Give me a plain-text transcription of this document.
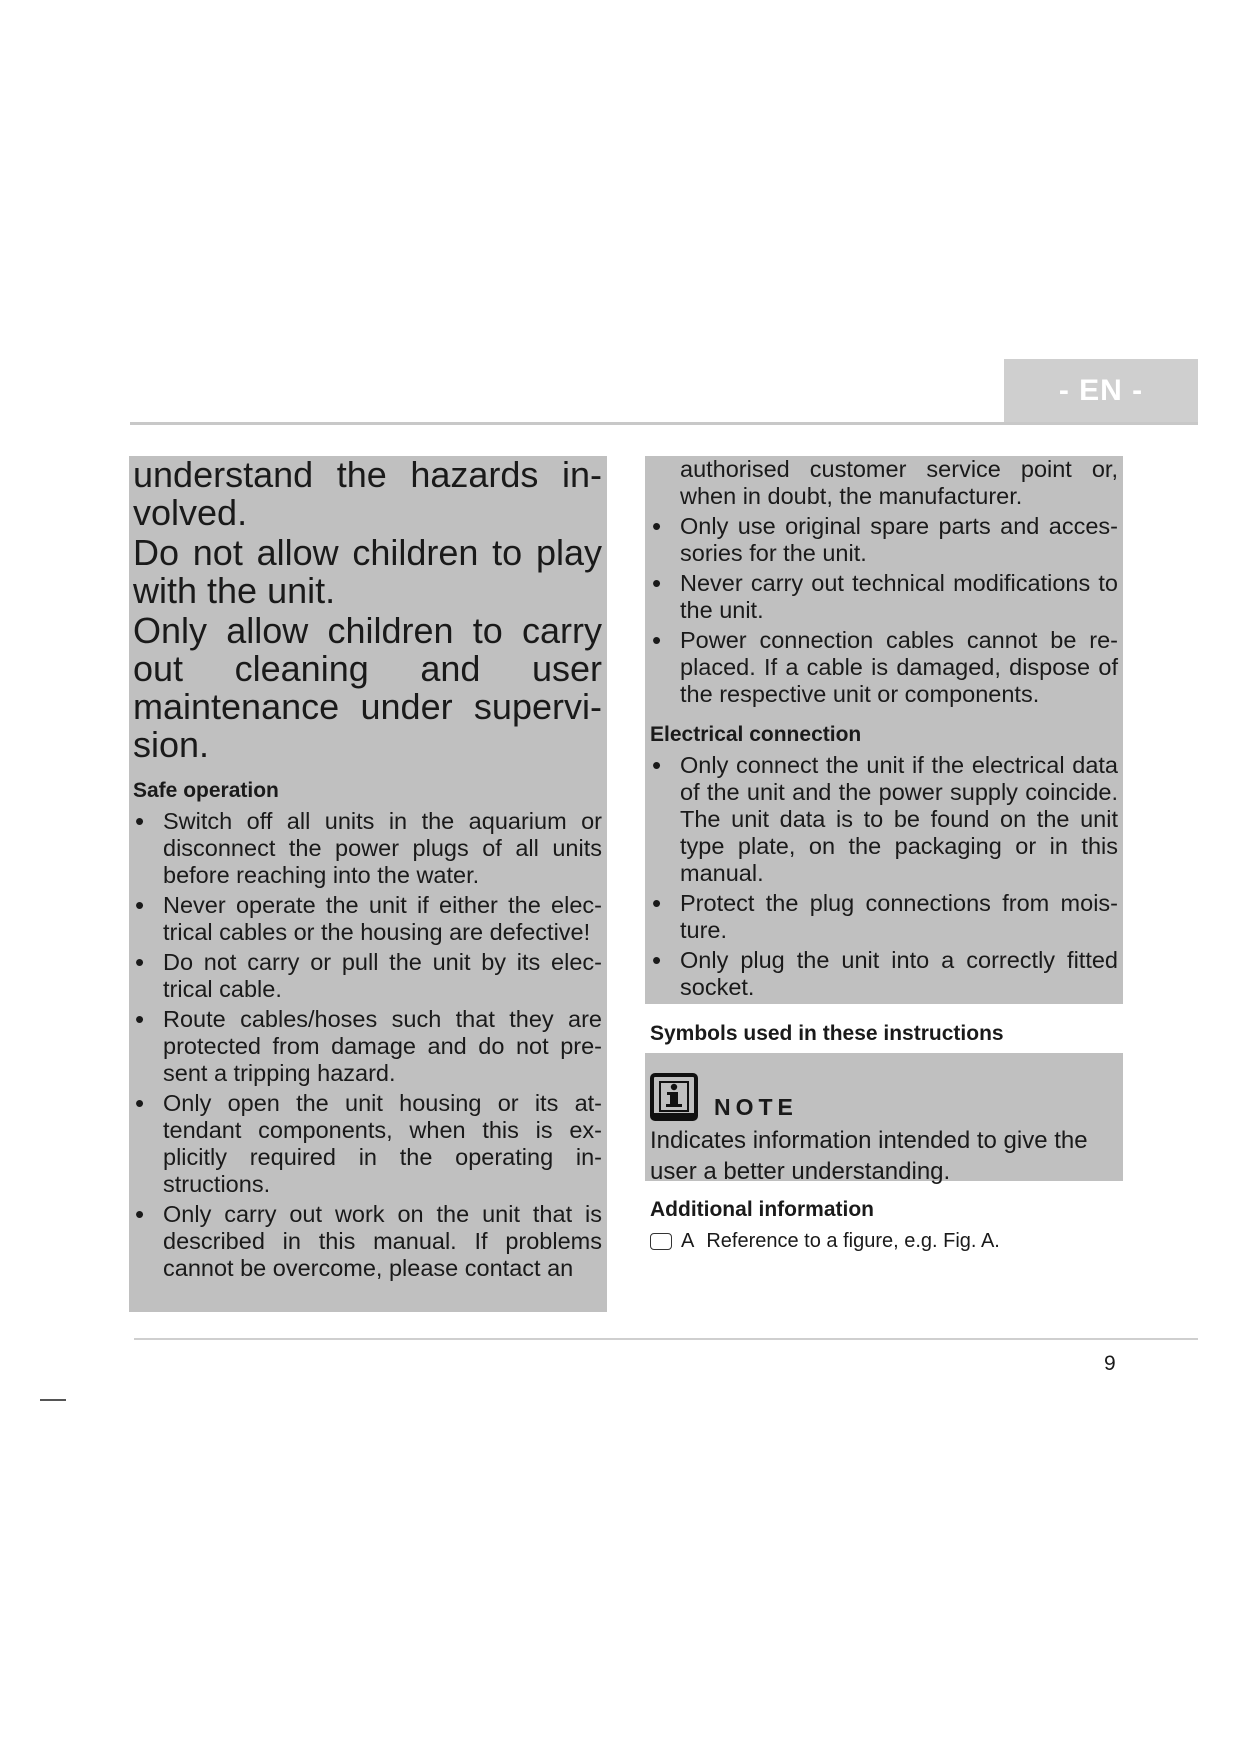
- EN -

understand the hazards involved.

Do not allow children to play with the unit.

Only allow children to carry out cleaning and user maintenance under supervision.

Safe operation
• Switch off all units in the aquarium or disconnect the power plugs of all units before reaching into the water.
• Never operate the unit if either the electrical cables or the housing are defective!
• Do not carry or pull the unit by its electrical cable.
• Route cables/hoses such that they are protected from damage and do not present a tripping hazard.
• Only open the unit housing or its attendant components, when this is explicitly required in the operating instructions.
• Only carry out work on the unit that is described in this manual. If problems cannot be overcome, please contact an
authorised customer service point or, when in doubt, the manufacturer.
• Only use original spare parts and accessories for the unit.
• Never carry out technical modifications to the unit.
• Power connection cables cannot be replaced. If a cable is damaged, dispose of the respective unit or components.
Electrical connection
• Only connect the unit if the electrical data of the unit and the power supply coincide. The unit data is to be found on the unit type plate, on the packaging or in this manual.
• Protect the plug connections from moisture.
• Only plug the unit into a correctly fitted socket.
Symbols used in these instructions
NOTE
Indicates information intended to give the user a better understanding.
Additional information
A Reference to a figure, e.g. Fig. A.
9
